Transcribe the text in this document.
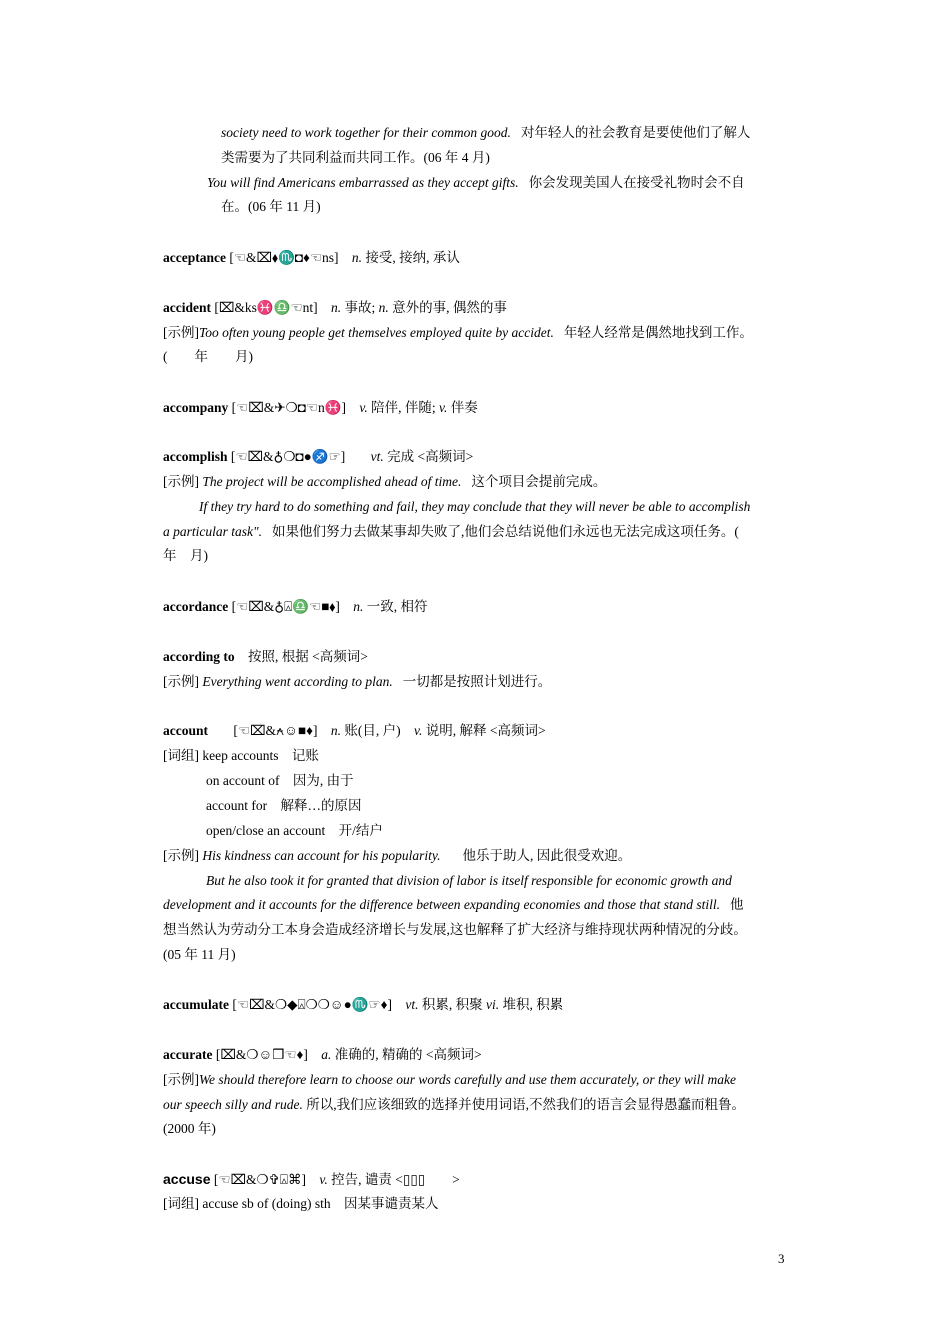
society need to work together for their common good. 对年轻人的社会教育是要使他们了解人
类需要为了共同利益而共同工作。(06 年 4 月)
You will find Americans embarrassed as they accept gifts. 你会发现美国人在接受礼物时会不自
在。(06 年 11 月)
acceptance [☜&⌧⬧♏◘♦☜ns] n. 接受, 接纳, 承认
accident [⌧&ks♓♎☜nt] n. 事故; n. 意外的事, 偶然的事
[示例]Too often young people get themselves employed quite by accidet. 年轻人经常是偶然地找到工作。
(　　年　　月)
accompany [☜⌧&✈❍◘☜n♓] v. 陪伴, 伴随; v. 伴奏
accomplish [☜⌧&♁❍◘●♐☞] vt. 完成 <高频词>
[示例] The project will be accomplished ahead of time. 这个项目会提前完成。
If they try hard to do something and fail, they may conclude that they will never be able to accomplish
a particular task". 如果他们努力去做某事却失败了,他们会总结说他们永远也无法完成这项任务。(
年　月)
accordance [☜⌧&♁⍓♎☜■⬧] n. 一致, 相符
according to 按照, 根据 <高频词>
[示例] Everything went according to plan. 一切都是按照计划进行。
account [☜⌧&⍲☺■♦] n. 账(目, 户) v. 说明, 解释 <高频词>
[词组] keep accounts 记账
on account of 因为, 由于
account for 解释…的原因
open/close an account 开/结户
[示例] His kindness can account for his popularity. 他乐于助人, 因此很受欢迎。
But he also took it for granted that division of labor is itself responsible for economic growth and
development and it accounts for the difference between expanding economies and those that stand still. 他
想当然认为劳动分工本身会造成经济增长与发展,这也解释了扩大经济与维持现状两种情况的分歧。
(05 年 11 月)
accumulate [☜⌧&❍◆⍓❍❍☺●♏☞♦] vt. 积累, 积聚 vi. 堆积, 积累
accurate [⌧&❍☺❒☜♦] a. 准确的, 精确的 <高频词>
[示例]We should therefore learn to choose our words carefully and use them accurately, or they will make
our speech silly and rude. 所以,我们应该细致的选择并使用词语,不然我们的语言会显得愚蠢而粗鲁。
(2000 年)
accuse [☜⌧&❍✞⍓⌘] v. 控告, 谴责 <▯▯▯　　>
[词组] accuse sb of (doing) sth 因某事谴责某人
3
